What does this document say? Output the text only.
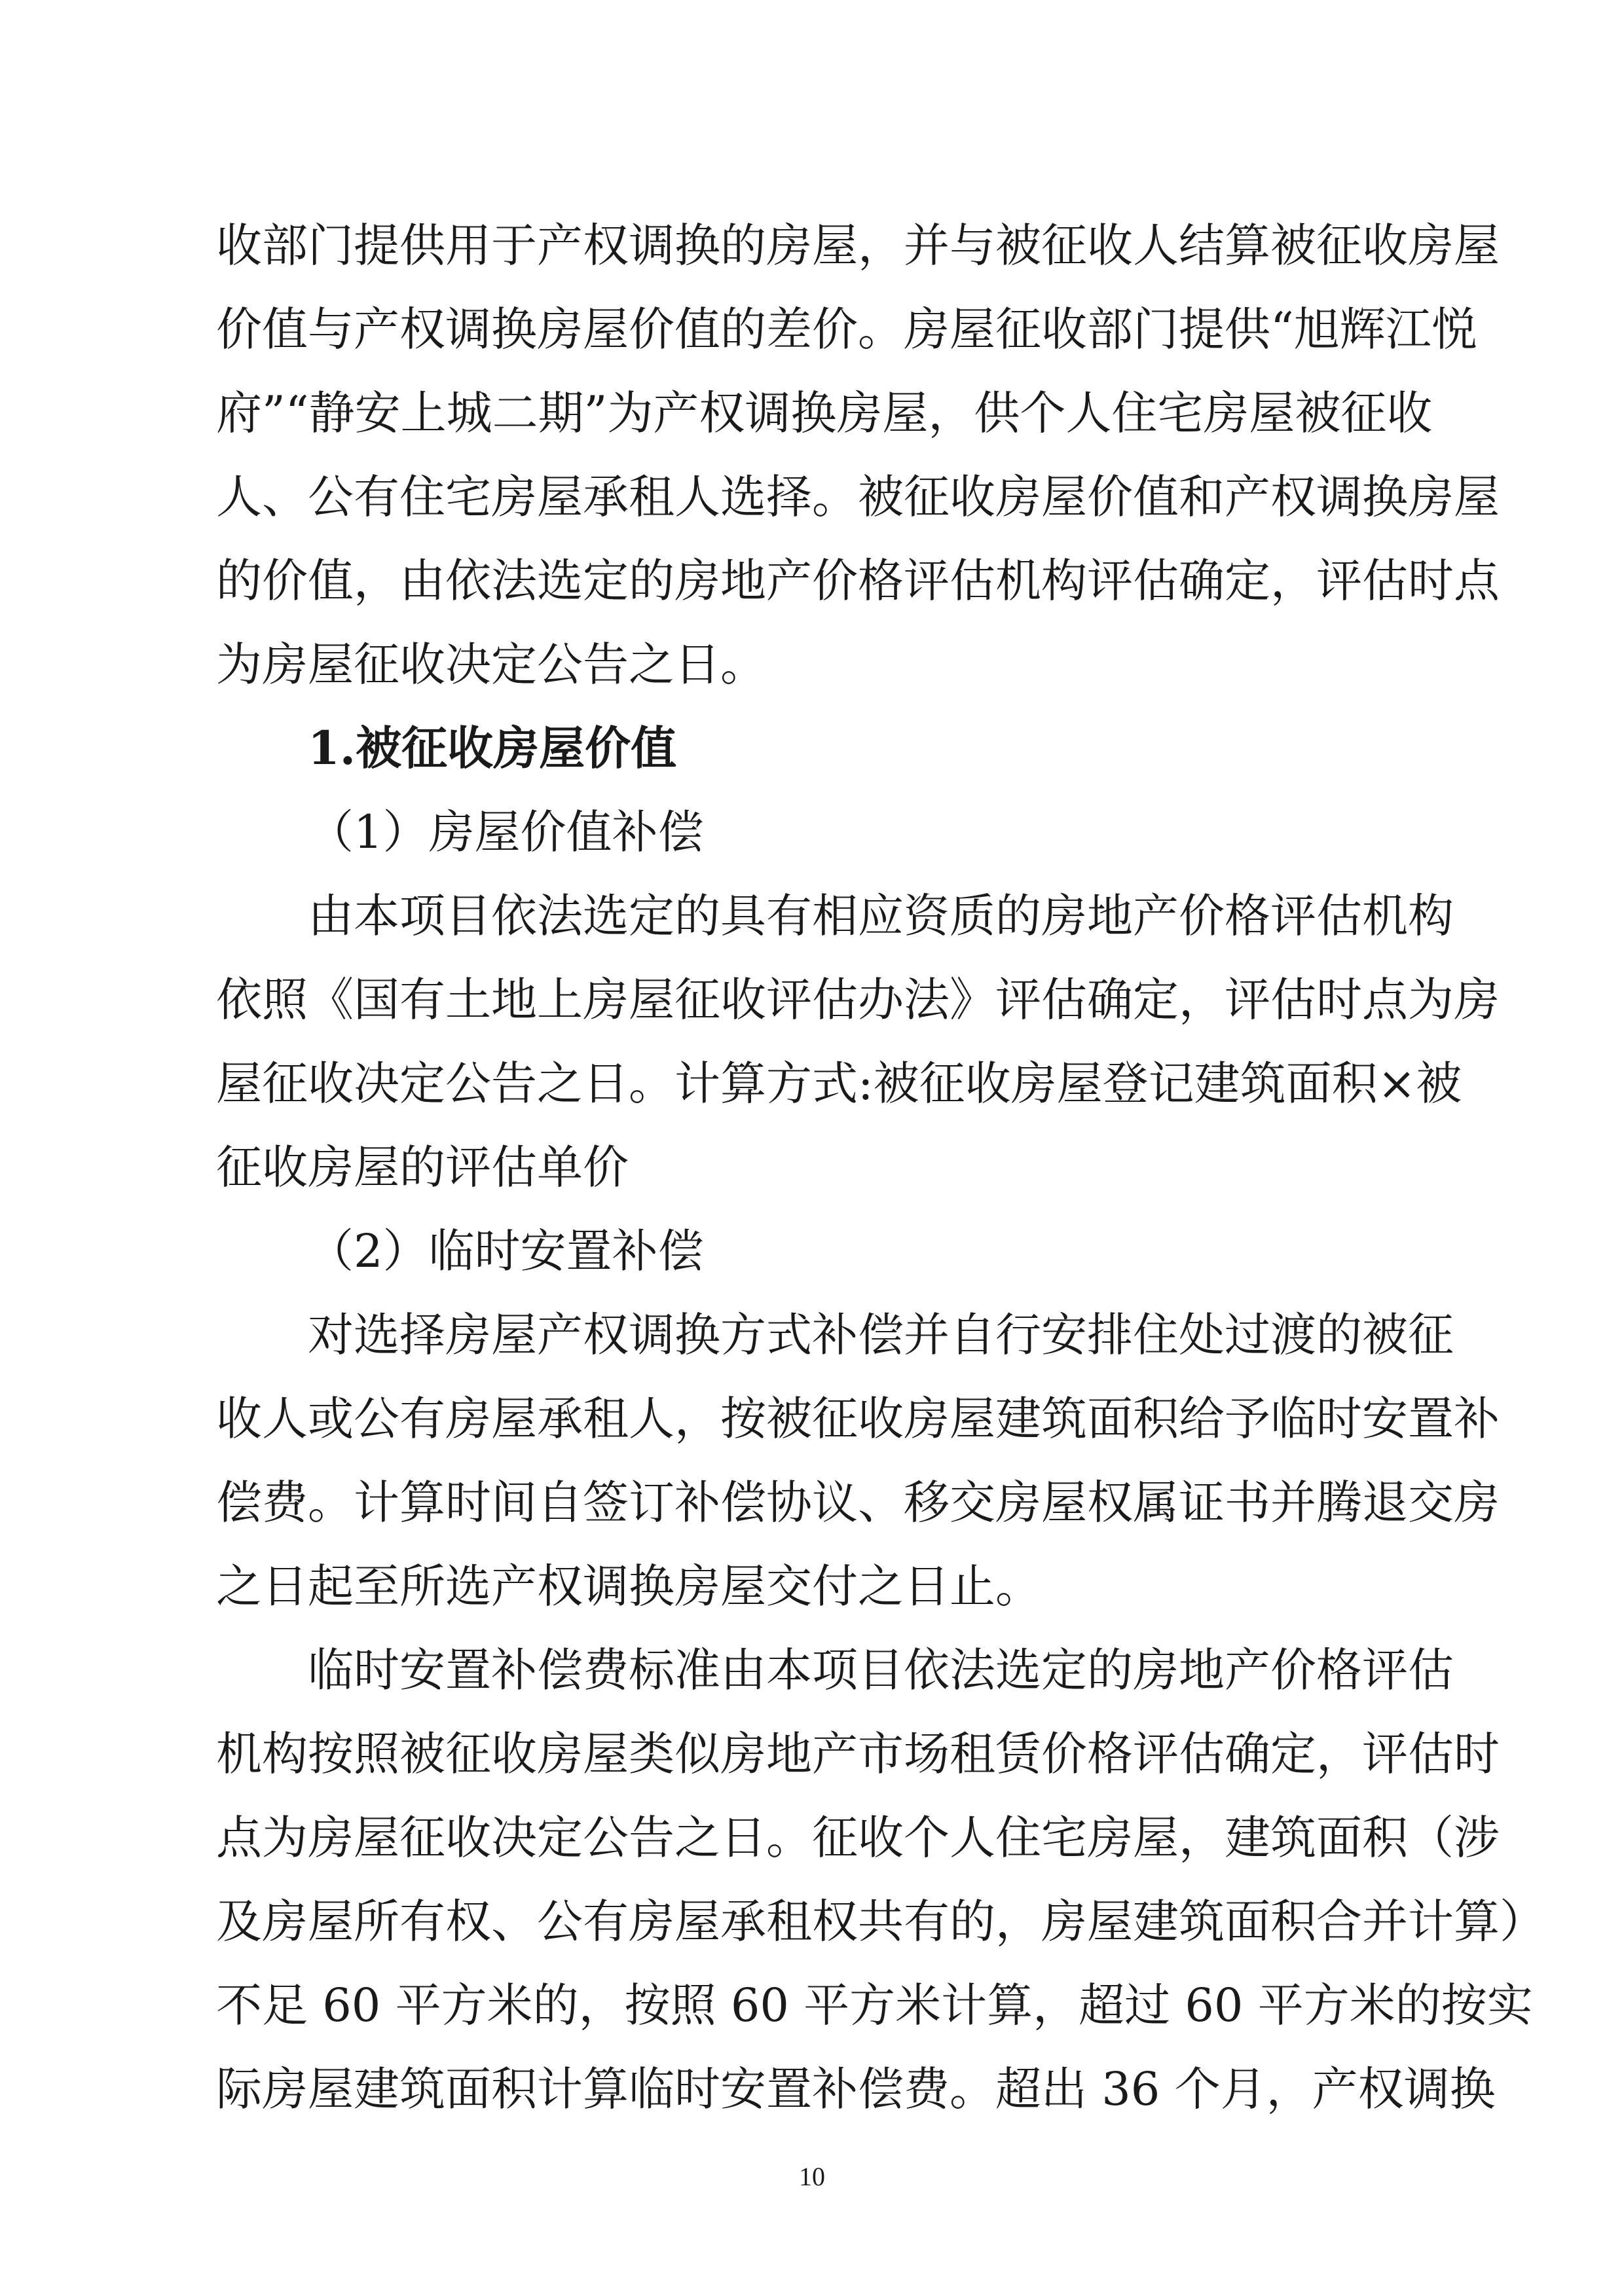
收部门提供用于产权调换的房屋，并与被征收人结算被征收房屋
价值与产权调换房屋价值的差价。房屋征收部门提供“旭辉江悦
府”“静安上城二期”为产权调换房屋，供个人住宅房屋被征收
人、公有住宅房屋承租人选择。被征收房屋价值和产权调换房屋
的价值，由依法选定的房地产价格评估机构评估确定，评估时点
为房屋征收决定公告之日。
1.被征收房屋价值
（1）房屋价值补偿
由本项目依法选定的具有相应资质的房地产价格评估机构
依照《国有土地上房屋征收评估办法》评估确定，评估时点为房
屋征收决定公告之日。计算方式:被征收房屋登记建筑面积×被
征收房屋的评估单价
（2）临时安置补偿
对选择房屋产权调换方式补偿并自行安排住处过渡的被征
收人或公有房屋承租人，按被征收房屋建筑面积给予临时安置补
偿费。计算时间自签订补偿协议、移交房屋权属证书并腾退交房
之日起至所选产权调换房屋交付之日止。
临时安置补偿费标准由本项目依法选定的房地产价格评估
机构按照被征收房屋类似房地产市场租赁价格评估确定，评估时
点为房屋征收决定公告之日。征收个人住宅房屋，建筑面积（涉
及房屋所有权、公有房屋承租权共有的，房屋建筑面积合并计算）
不足 60 平方米的，按照 60 平方米计算，超过 60 平方米的按实
际房屋建筑面积计算临时安置补偿费。超出 36 个月，产权调换
10
